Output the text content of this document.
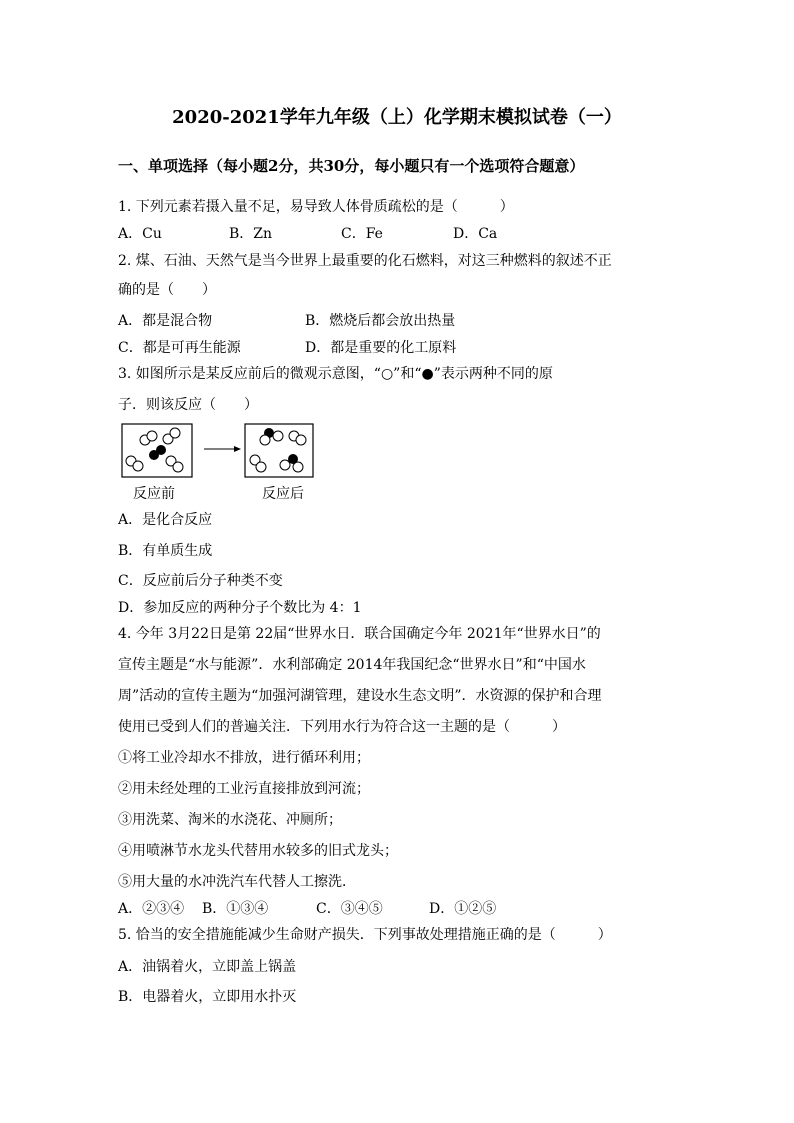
2020-2021学年九年级（上）化学期末模拟试卷（一）
一、单项选择（每小题2分，共30分，每小题只有一个选项符合题意）
1. 下列元素若摄入量不足，易导致人体骨质疏松的是（　　　）
A．Cu	B．Zn	C．Fe	D．Ca
2. 煤、石油、天然气是当今世界上最重要的化石燃料，对这三种燃料的叙述不正
确的是（　　）
A．都是混合物	B．燃烧后都会放出热量
C．都是可再生能源	D．都是重要的化工原料
3. 如图所示是某反应前后的微观示意图，“○”和“●”表示两种不同的原
子．则该反应（　　）
反应前	反应后
A．是化合反应
B．有单质生成
C．反应前后分子种类不变
D．参加反应的两种分子个数比为 4：1
4. 今年 3月22日是第 22届“世界水日．联合国确定今年 2021年“世界水日”的
宣传主题是“水与能源”．水利部确定 2014年我国纪念“世界水日”和“中国水
周”活动的宣传主题为“加强河湖管理，建设水生态文明”．水资源的保护和合理
使用已受到人们的普遍关注．下列用水行为符合这一主题的是（　　　）
①将工业冷却水不排放，进行循环利用；
②用未经处理的工业污直接排放到河流；
③用洗菜、淘米的水浇花、冲厕所；
④用喷淋节水龙头代替用水较多的旧式龙头；
⑤用大量的水冲洗汽车代替人工擦洗．
A．②③④ B．①③④	C．③④⑤	D．①②⑤
5. 恰当的安全措施能减少生命财产损失．下列事故处理措施正确的是（　　　）
A．油锅着火，立即盖上锅盖
B．电器着火，立即用水扑灭
